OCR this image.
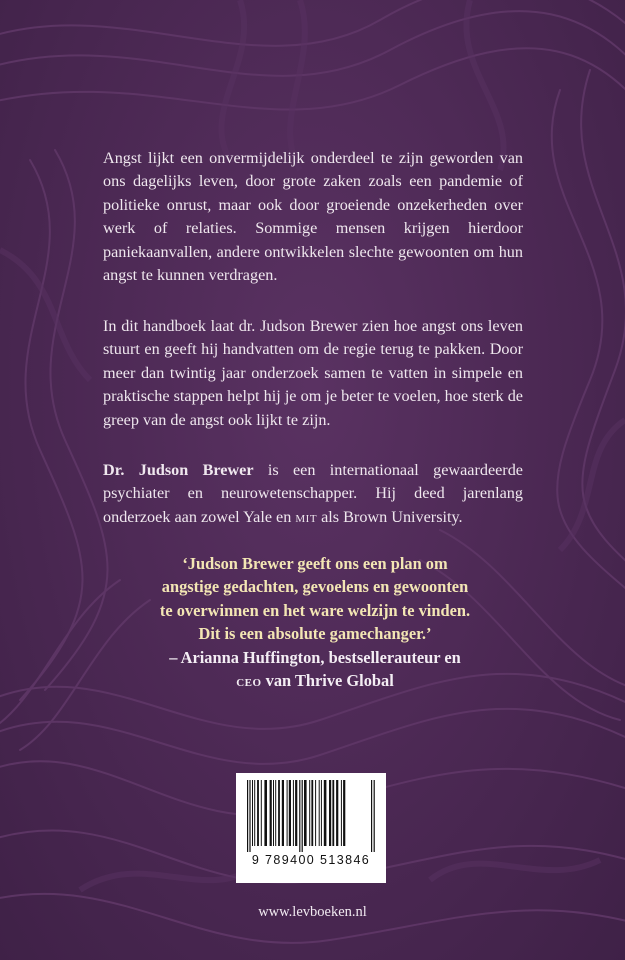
Angst lijkt een onvermijdelijk onderdeel te zijn geworden van ons dagelijks leven, door grote zaken zoals een pandemie of politieke onrust, maar ook door groeiende onzekerheden over werk of relaties. Sommige mensen krijgen hierdoor paniekaanvallen, andere ontwikkelen slechte gewoonten om hun angst te kunnen verdragen.
In dit handboek laat dr. Judson Brewer zien hoe angst ons leven stuurt en geeft hij handvatten om de regie terug te pakken. Door meer dan twintig jaar onderzoek samen te vatten in simpele en praktische stappen helpt hij je om je beter te voelen, hoe sterk de greep van de angst ook lijkt te zijn.
Dr. Judson Brewer is een internationaal gewaardeerde psychiater en neurowetenschapper. Hij deed jarenlang onderzoek aan zowel Yale en mit als Brown University.
‘Judson Brewer geeft ons een plan om
angstige gedachten, gevoelens en gewoonten
te overwinnen en het ware welzijn te vinden.
Dit is een absolute gamechanger.’
– Arianna Huffington, bestsellerauteur en
ceo van Thrive Global
9 789400 513846
www.levboeken.nl
